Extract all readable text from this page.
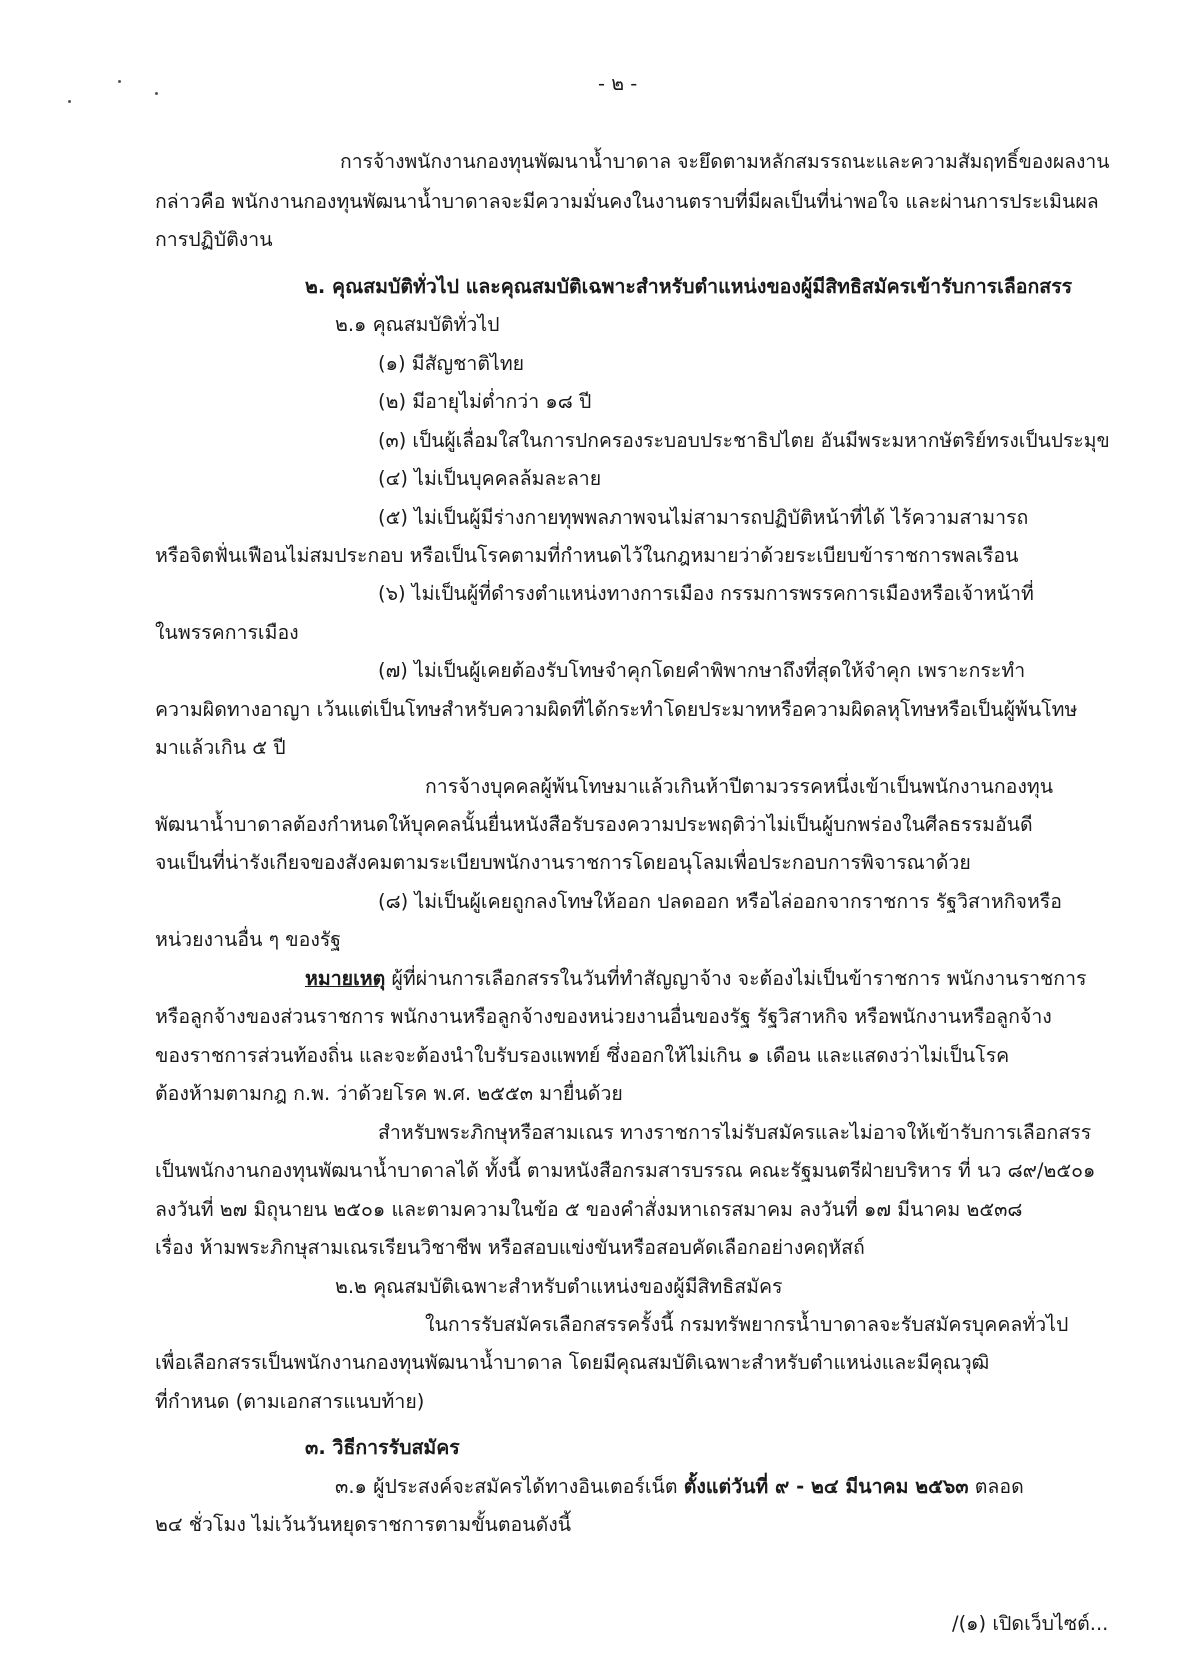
- ๒ -
การจ้างพนักงานกองทุนพัฒนาน้ำบาดาล จะยึดตามหลักสมรรถนะและความสัมฤทธิ์ของผลงาน
กล่าวคือ พนักงานกองทุนพัฒนาน้ำบาดาลจะมีความมั่นคงในงานตราบที่มีผลเป็นที่น่าพอใจ และผ่านการประเมินผล
การปฏิบัติงาน
๒. คุณสมบัติทั่วไป และคุณสมบัติเฉพาะสำหรับตำแหน่งของผู้มีสิทธิสมัครเข้ารับการเลือกสรร
๒.๑ คุณสมบัติทั่วไป
(๑) มีสัญชาติไทย
(๒) มีอายุไม่ต่ำกว่า ๑๘ ปี
(๓) เป็นผู้เลื่อมใสในการปกครองระบอบประชาธิปไตย อันมีพระมหากษัตริย์ทรงเป็นประมุข
(๔) ไม่เป็นบุคคลล้มละลาย
(๕) ไม่เป็นผู้มีร่างกายทุพพลภาพจนไม่สามารถปฏิบัติหน้าที่ได้ ไร้ความสามารถ
หรือจิตฟั่นเฟือนไม่สมประกอบ หรือเป็นโรคตามที่กำหนดไว้ในกฎหมายว่าด้วยระเบียบข้าราชการพลเรือน
(๖) ไม่เป็นผู้ที่ดำรงตำแหน่งทางการเมือง กรรมการพรรคการเมืองหรือเจ้าหน้าที่
ในพรรคการเมือง
(๗) ไม่เป็นผู้เคยต้องรับโทษจำคุกโดยคำพิพากษาถึงที่สุดให้จำคุก เพราะกระทำ
ความผิดทางอาญา เว้นแต่เป็นโทษสำหรับความผิดที่ได้กระทำโดยประมาทหรือความผิดลหุโทษหรือเป็นผู้พ้นโทษ
มาแล้วเกิน ๕ ปี
การจ้างบุคคลผู้พ้นโทษมาแล้วเกินห้าปีตามวรรคหนึ่งเข้าเป็นพนักงานกองทุน
พัฒนาน้ำบาดาลต้องกำหนดให้บุคคลนั้นยื่นหนังสือรับรองความประพฤติว่าไม่เป็นผู้บกพร่องในศีลธรรมอันดี
จนเป็นที่น่ารังเกียจของสังคมตามระเบียบพนักงานราชการโดยอนุโลมเพื่อประกอบการพิจารณาด้วย
(๘) ไม่เป็นผู้เคยถูกลงโทษให้ออก ปลดออก หรือไล่ออกจากราชการ รัฐวิสาหกิจหรือ
หน่วยงานอื่น ๆ ของรัฐ
หมายเหตุ ผู้ที่ผ่านการเลือกสรรในวันที่ทำสัญญาจ้าง จะต้องไม่เป็นข้าราชการ พนักงานราชการ
หรือลูกจ้างของส่วนราชการ พนักงานหรือลูกจ้างของหน่วยงานอื่นของรัฐ รัฐวิสาหกิจ หรือพนักงานหรือลูกจ้าง
ของราชการส่วนท้องถิ่น และจะต้องนำใบรับรองแพทย์ ซึ่งออกให้ไม่เกิน ๑ เดือน และแสดงว่าไม่เป็นโรค
ต้องห้ามตามกฎ ก.พ. ว่าด้วยโรค พ.ศ. ๒๕๕๓ มายื่นด้วย
สำหรับพระภิกษุหรือสามเณร ทางราชการไม่รับสมัครและไม่อาจให้เข้ารับการเลือกสรร
เป็นพนักงานกองทุนพัฒนาน้ำบาดาลได้ ทั้งนี้ ตามหนังสือกรมสารบรรณ คณะรัฐมนตรีฝ่ายบริหาร ที่ นว ๘๙/๒๕๐๑
ลงวันที่ ๒๗ มิถุนายน ๒๕๐๑ และตามความในข้อ ๕ ของคำสั่งมหาเถรสมาคม ลงวันที่ ๑๗ มีนาคม ๒๕๓๘
เรื่อง ห้ามพระภิกษุสามเณรเรียนวิชาชีพ หรือสอบแข่งขันหรือสอบคัดเลือกอย่างคฤหัสถ์
๒.๒ คุณสมบัติเฉพาะสำหรับตำแหน่งของผู้มีสิทธิสมัคร
ในการรับสมัครเลือกสรรครั้งนี้ กรมทรัพยากรน้ำบาดาลจะรับสมัครบุคคลทั่วไป
เพื่อเลือกสรรเป็นพนักงานกองทุนพัฒนาน้ำบาดาล โดยมีคุณสมบัติเฉพาะสำหรับตำแหน่งและมีคุณวุฒิ
ที่กำหนด (ตามเอกสารแนบท้าย)
๓. วิธีการรับสมัคร
๓.๑ ผู้ประสงค์จะสมัครได้ทางอินเตอร์เน็ต ตั้งแต่วันที่ ๙ - ๒๔ มีนาคม ๒๕๖๓ ตลอด
๒๔ ชั่วโมง ไม่เว้นวันหยุดราชการตามขั้นตอนดังนี้
/(๑) เปิดเว็บไซต์...
